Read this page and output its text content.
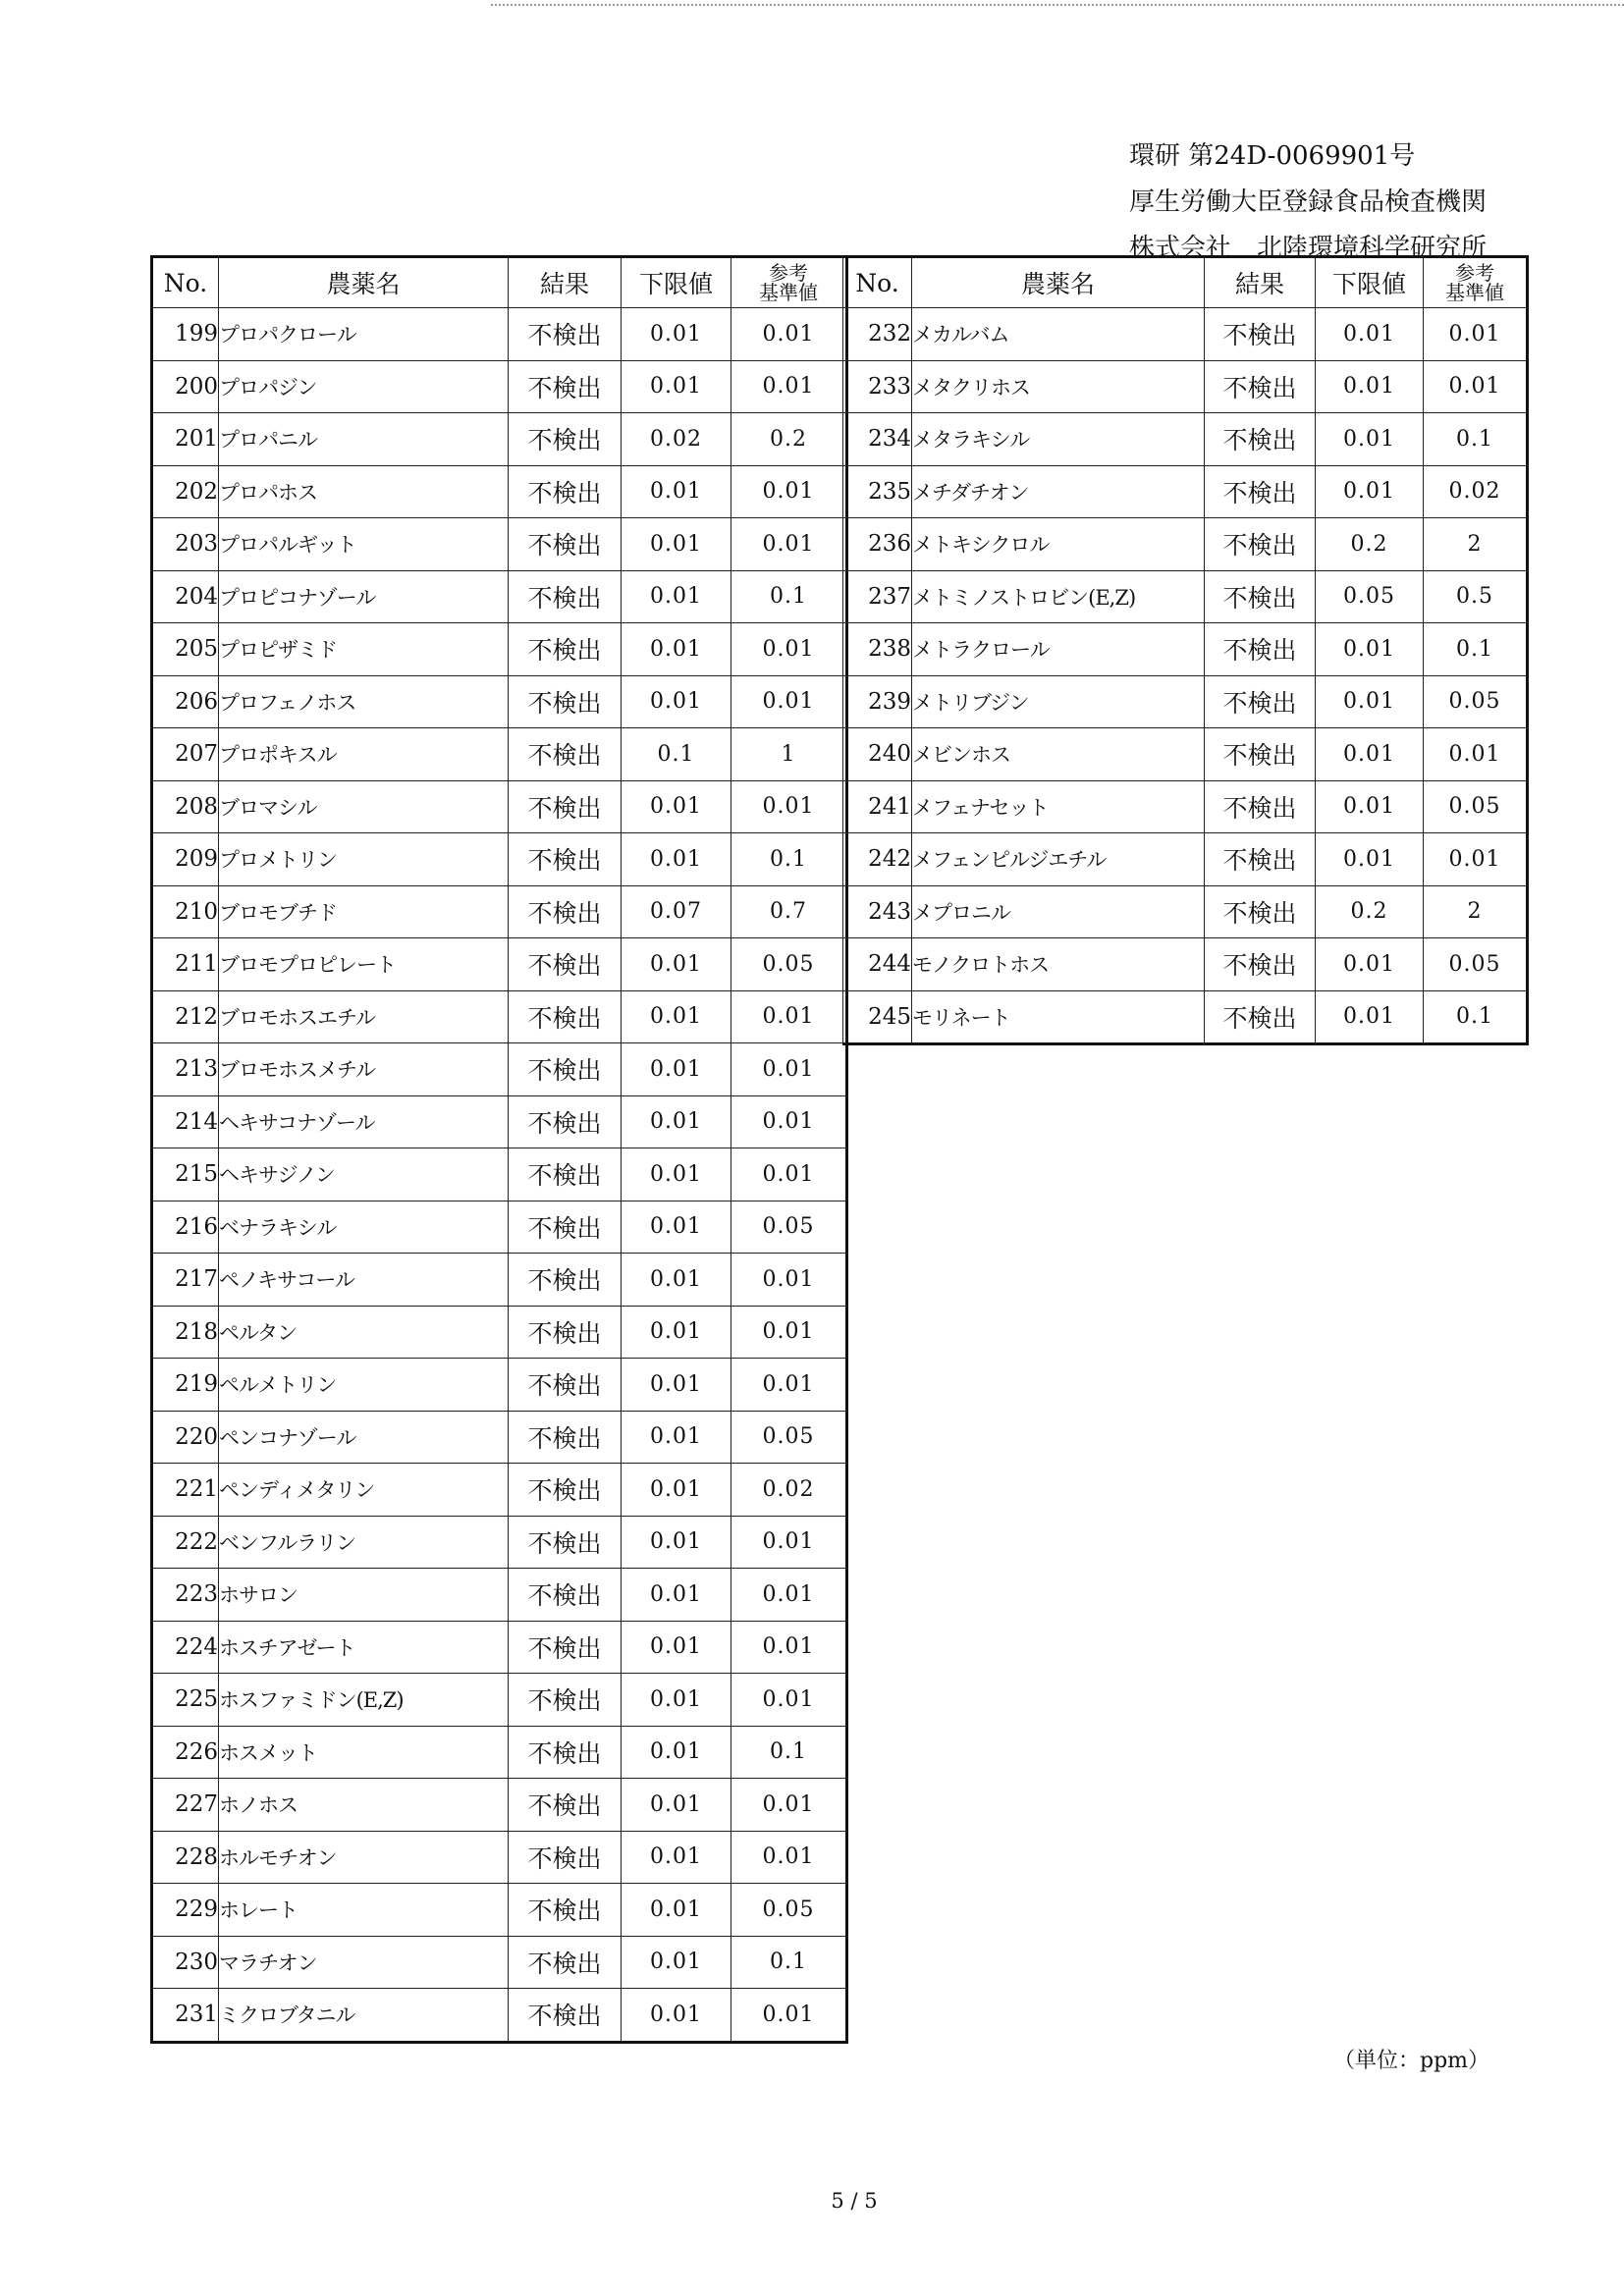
環研 第24D-0069901号
厚生労働大臣登録食品検査機関
株式会社　北陸環境科学研究所
No.	農薬名	結果	下限値	参考
基準値
199	プロパクロール	不検出	0.01	0.01
200	プロパジン	不検出	0.01	0.01
201	プロパニル	不検出	0.02	0.2
202	プロパホス	不検出	0.01	0.01
203	プロパルギット	不検出	0.01	0.01
204	プロピコナゾール	不検出	0.01	0.1
205	プロピザミド	不検出	0.01	0.01
206	プロフェノホス	不検出	0.01	0.01
207	プロポキスル	不検出	0.1	1
208	ブロマシル	不検出	0.01	0.01
209	プロメトリン	不検出	0.01	0.1
210	ブロモブチド	不検出	0.07	0.7
211	ブロモプロピレート	不検出	0.01	0.05
212	ブロモホスエチル	不検出	0.01	0.01
213	ブロモホスメチル	不検出	0.01	0.01
214	ヘキサコナゾール	不検出	0.01	0.01
215	ヘキサジノン	不検出	0.01	0.01
216	ベナラキシル	不検出	0.01	0.05
217	ペノキサコール	不検出	0.01	0.01
218	ペルタン	不検出	0.01	0.01
219	ペルメトリン	不検出	0.01	0.01
220	ペンコナゾール	不検出	0.01	0.05
221	ペンディメタリン	不検出	0.01	0.02
222	ベンフルラリン	不検出	0.01	0.01
223	ホサロン	不検出	0.01	0.01
224	ホスチアゼート	不検出	0.01	0.01
225	ホスファミドン(E,Z)	不検出	0.01	0.01
226	ホスメット	不検出	0.01	0.1
227	ホノホス	不検出	0.01	0.01
228	ホルモチオン	不検出	0.01	0.01
229	ホレート	不検出	0.01	0.05
230	マラチオン	不検出	0.01	0.1
231	ミクロブタニル	不検出	0.01	0.01
No.	農薬名	結果	下限値	参考
基準値
232	メカルバム	不検出	0.01	0.01
233	メタクリホス	不検出	0.01	0.01
234	メタラキシル	不検出	0.01	0.1
235	メチダチオン	不検出	0.01	0.02
236	メトキシクロル	不検出	0.2	2
237	メトミノストロビン(E,Z)	不検出	0.05	0.5
238	メトラクロール	不検出	0.01	0.1
239	メトリブジン	不検出	0.01	0.05
240	メビンホス	不検出	0.01	0.01
241	メフェナセット	不検出	0.01	0.05
242	メフェンピルジエチル	不検出	0.01	0.01
243	メプロニル	不検出	0.2	2
244	モノクロトホス	不検出	0.01	0.05
245	モリネート	不検出	0.01	0.1
（単位：ppm）
5 / 5
